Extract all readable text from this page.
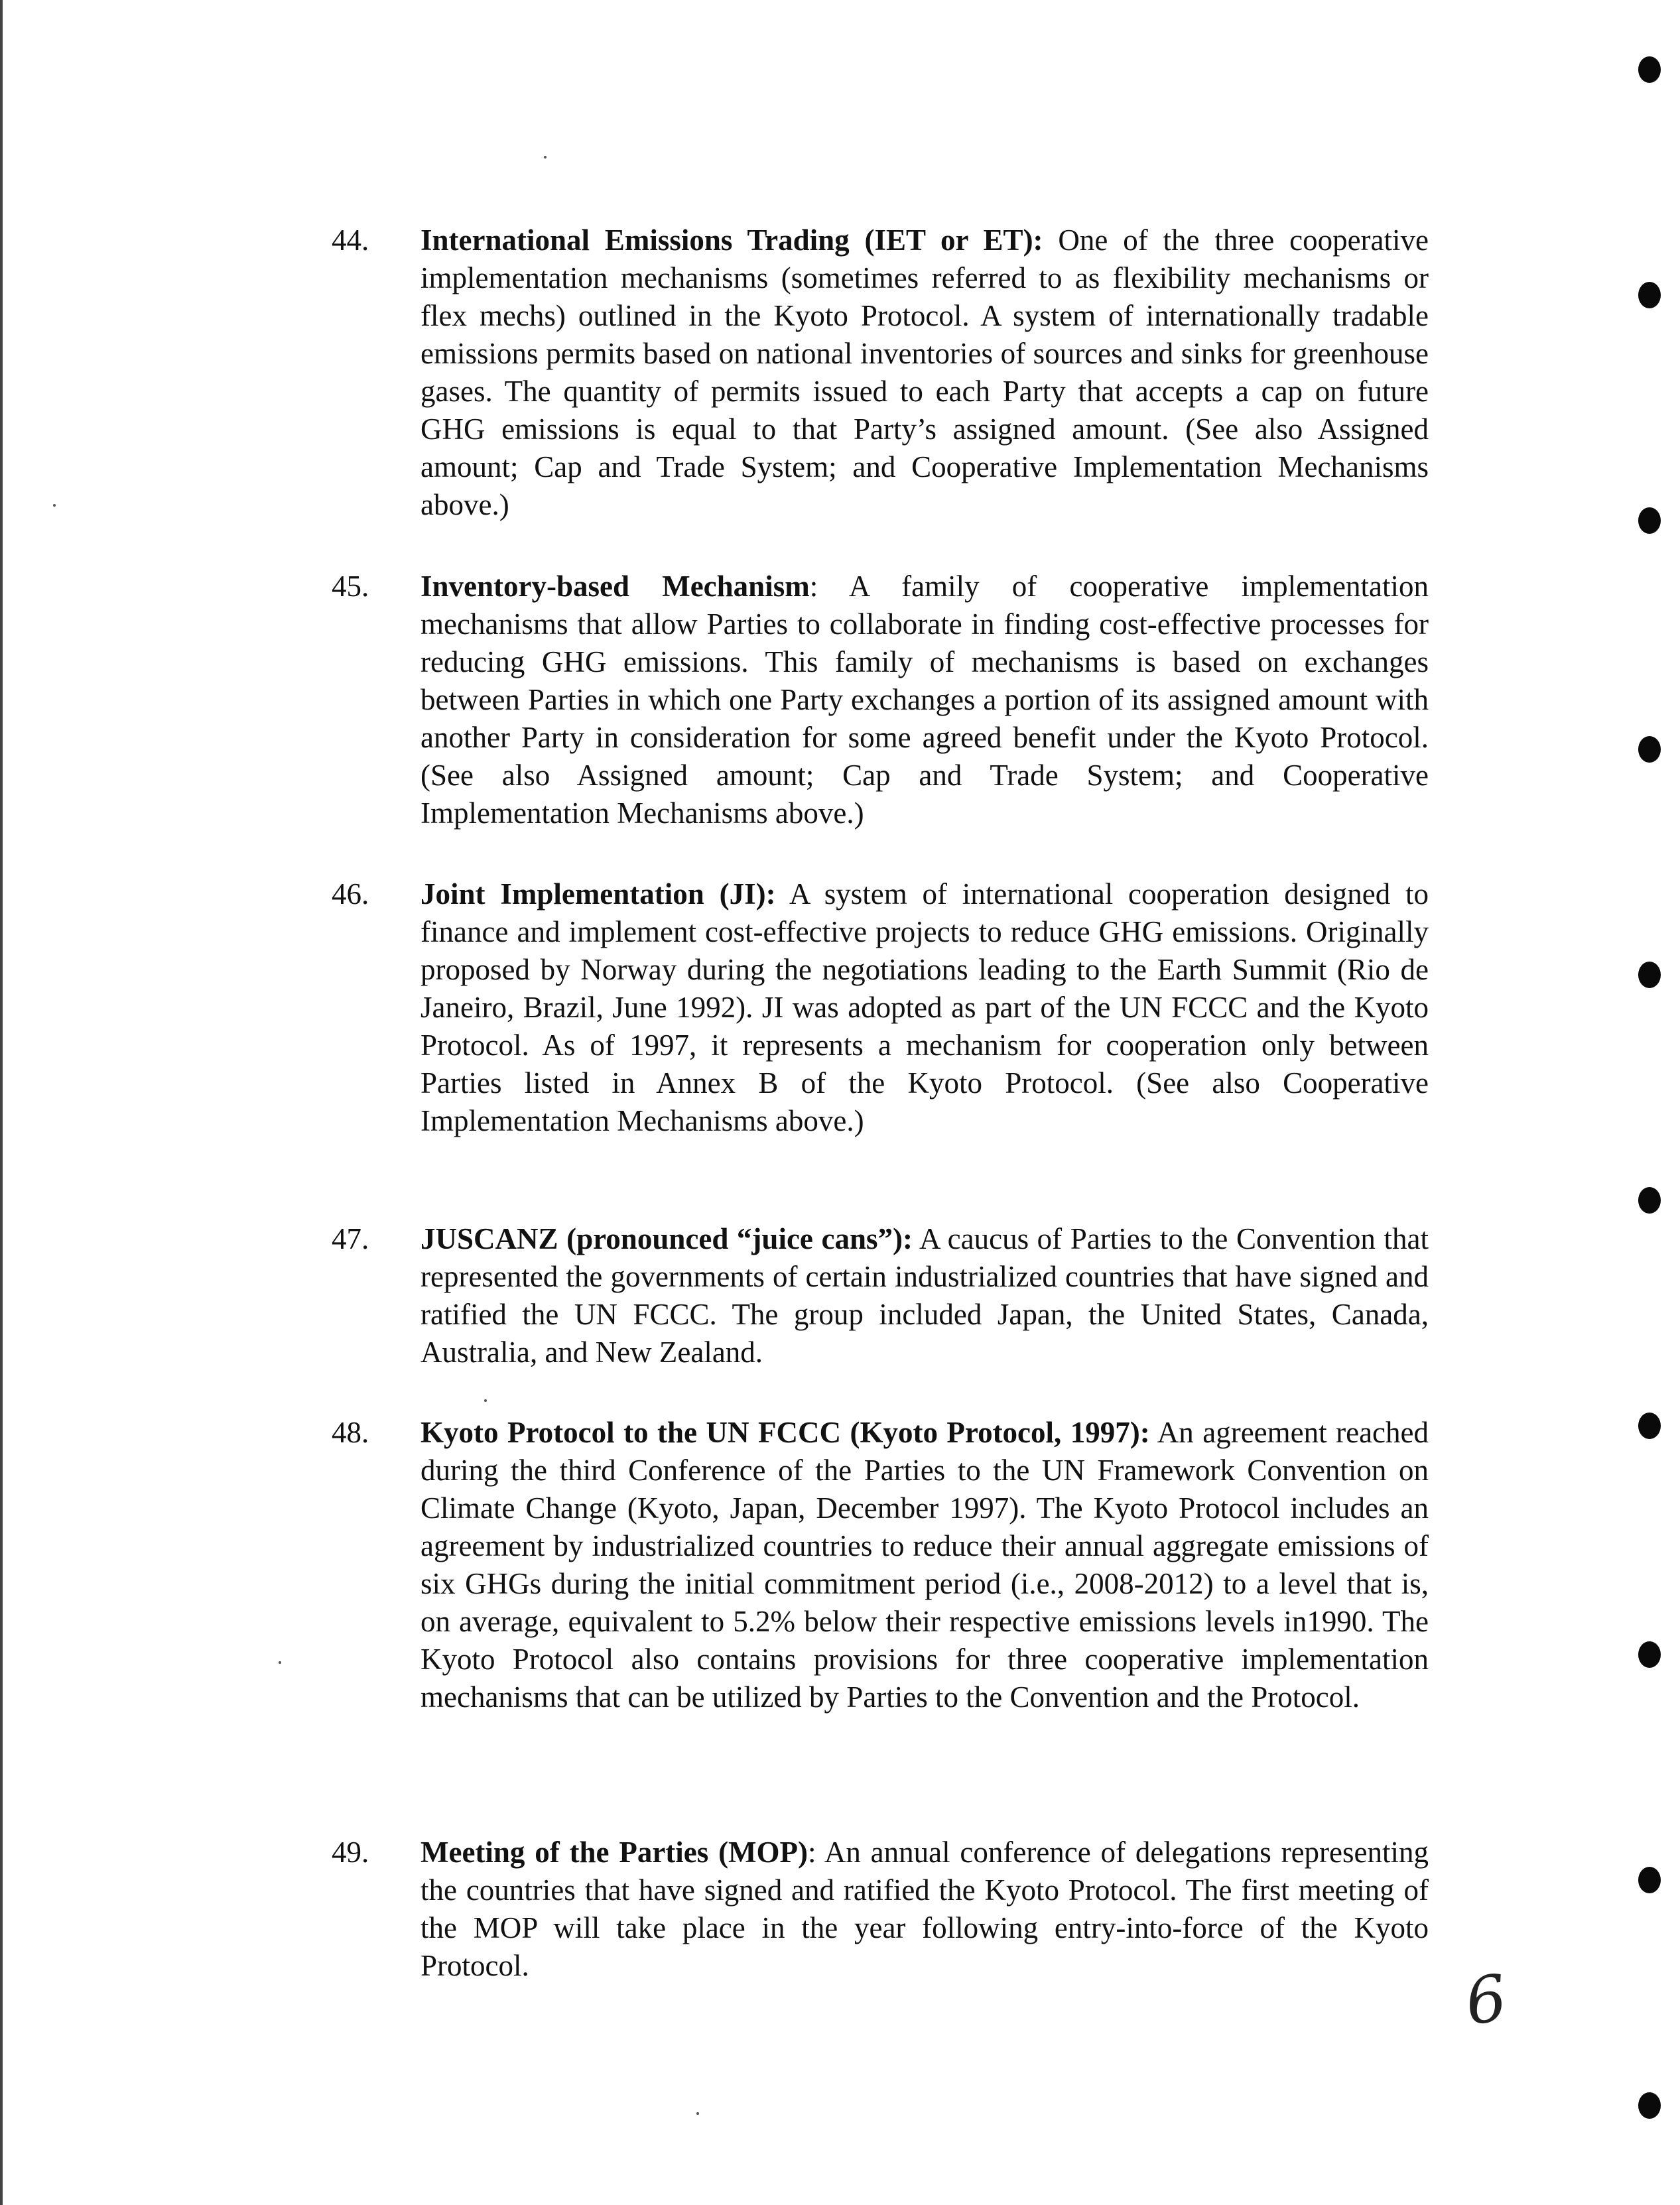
44.	International Emissions Trading (IET or ET): One of the three cooperative implementation mechanisms (sometimes referred to as flexibility mechanisms or flex mechs) outlined in the Kyoto Protocol. A system of internationally tradable emissions permits based on national inventories of sources and sinks for greenhouse gases. The quantity of permits issued to each Party that accepts a cap on future GHG emissions is equal to that Party’s assigned amount. (See also Assigned amount; Cap and Trade System; and Cooperative Implementation Mechanisms above.)

45.	Inventory-based Mechanism: A family of cooperative implementation mechanisms that allow Parties to collaborate in finding cost-effective processes for reducing GHG emissions. This family of mechanisms is based on exchanges between Parties in which one Party exchanges a portion of its assigned amount with another Party in consideration for some agreed benefit under the Kyoto Protocol. (See also Assigned amount; Cap and Trade System; and Cooperative Implementation Mechanisms above.)

46.	Joint Implementation (JI): A system of international cooperation designed to finance and implement cost-effective projects to reduce GHG emissions. Originally proposed by Norway during the negotiations leading to the Earth Summit (Rio de Janeiro, Brazil, June 1992). JI was adopted as part of the UN FCCC and the Kyoto Protocol. As of 1997, it represents a mechanism for cooperation only between Parties listed in Annex B of the Kyoto Protocol. (See also Cooperative Implementation Mechanisms above.)

47.	JUSCANZ (pronounced “juice cans”): A caucus of Parties to the Convention that represented the governments of certain industrialized countries that have signed and ratified the UN FCCC. The group included Japan, the United States, Canada, Australia, and New Zealand.

48.	Kyoto Protocol to the UN FCCC (Kyoto Protocol, 1997): An agreement reached during the third Conference of the Parties to the UN Framework Convention on Climate Change (Kyoto, Japan, December 1997). The Kyoto Protocol includes an agreement by industrialized countries to reduce their annual aggregate emissions of six GHGs during the initial commitment period (i.e., 2008-2012) to a level that is, on average, equivalent to 5.2% below their respective emissions levels in1990. The Kyoto Protocol also contains provisions for three cooperative implementation mechanisms that can be utilized by Parties to the Convention and the Protocol.

49.	Meeting of the Parties (MOP): An annual conference of delegations representing the countries that have signed and ratified the Kyoto Protocol. The first meeting of the MOP will take place in the year following entry-into-force of the Kyoto Protocol.	6
